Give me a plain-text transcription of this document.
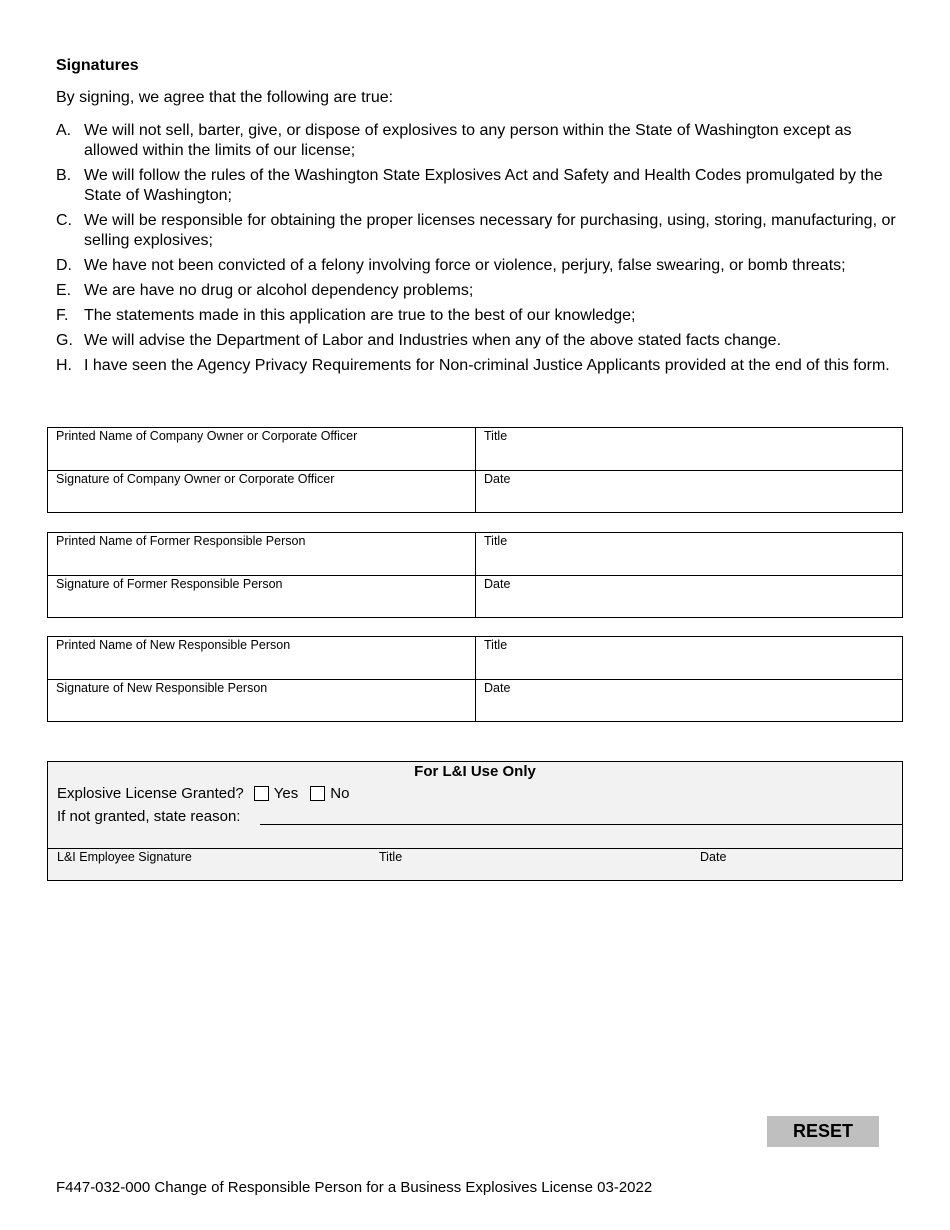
Signatures
By signing, we agree that the following are true:
A. We will not sell, barter, give, or dispose of explosives to any person within the State of Washington except as allowed within the limits of our license;
B. We will follow the rules of the Washington State Explosives Act and Safety and Health Codes promulgated by the State of Washington;
C. We will be responsible for obtaining the proper licenses necessary for purchasing, using, storing, manufacturing, or selling explosives;
D. We have not been convicted of a felony involving force or violence, perjury, false swearing, or bomb threats;
E. We are have no drug or alcohol dependency problems;
F. The statements made in this application are true to the best of our knowledge;
G. We will advise the Department of Labor and Industries when any of the above stated facts change.
H. I have seen the Agency Privacy Requirements for Non-criminal Justice Applicants provided at the end of this form.
Printed Name of Company Owner or Corporate Officer	Title
Signature of Company Owner or Corporate Officer	Date
Printed Name of Former Responsible Person	Title
Signature of Former Responsible Person	Date
Printed Name of New Responsible Person	Title
Signature of New Responsible Person	Date
For L&I Use Only
Explosive License Granted? Yes No
If not granted, state reason:
L&I Employee Signature	Title	Date
RESET
F447-032-000 Change of Responsible Person for a Business Explosives License 03-2022
